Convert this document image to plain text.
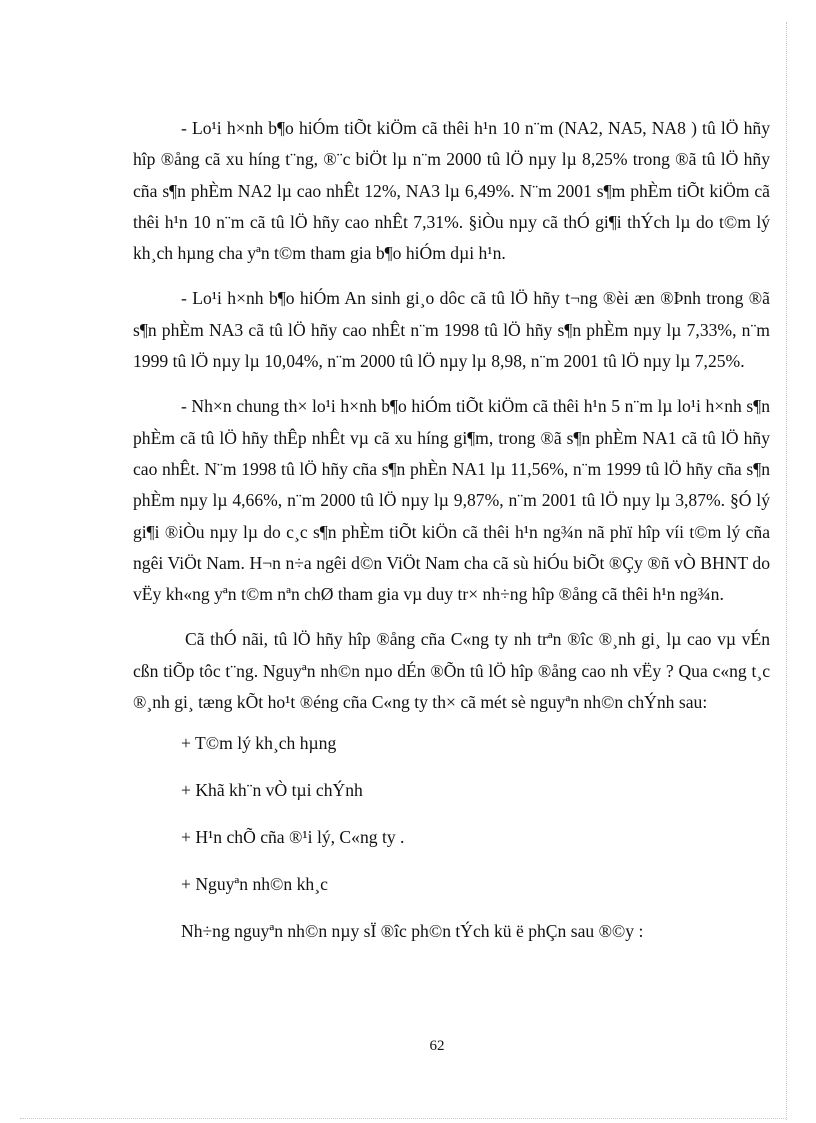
- Lo¹i h×nh b¶o hiÓm tiÕt kiÖm cã thêi h¹n 10 n¨m (NA2, NA5, NA8 ) tû lÖ hñy hîp ®ång cã xu híng t¨ng, ®¨c biÖt lµ n¨m 2000 tû lÖ nµy lµ 8,25% trong ®ã tû lÖ hñy cña s¶n phÈm NA2 lµ cao nhÊt 12%, NA3 lµ 6,49%. N¨m 2001 s¶m phÈm tiÕt kiÖm cã thêi h¹n 10 n¨m cã tû lÖ hñy cao nhÊt 7,31%. §iÒu nµy cã thÓ gi¶i thÝch lµ do t©m lý kh¸ch hµng cha yªn t©m tham gia b¶o hiÓm dµi h¹n.

- Lo¹i h×nh b¶o hiÓm An sinh gi¸o dôc cã tû lÖ hñy t¬ng ®èi æn ®Þnh trong ®ã s¶n phÈm NA3 cã tû lÖ hñy cao nhÊt n¨m 1998 tû lÖ hñy s¶n phÈm nµy lµ 7,33%, n¨m 1999 tû lÖ nµy lµ 10,04%, n¨m 2000 tû lÖ nµy lµ 8,98, n¨m 2001 tû lÖ nµy lµ 7,25%.

- Nh×n chung th× lo¹i h×nh b¶o hiÓm tiÕt kiÖm cã thêi h¹n 5 n¨m lµ lo¹i h×nh s¶n phÈm cã tû lÖ hñy thÊp nhÊt vµ cã xu híng gi¶m, trong ®ã s¶n phÈm NA1 cã tû lÖ hñy cao nhÊt. N¨m 1998 tû lÖ hñy cña s¶n phÈn NA1 lµ 11,56%, n¨m 1999 tû lÖ hñy cña s¶n phÈm nµy lµ 4,66%, n¨m 2000 tû lÖ nµy lµ 9,87%, n¨m 2001 tû lÖ nµy lµ 3,87%. §Ó lý gi¶i ®iÒu nµy lµ do c¸c s¶n phÈm tiÕt kiÖn cã thêi h¹n ng¾n nã phï hîp víi t©m lý cña ngêi ViÖt Nam. H¬n n÷a ngêi d©n ViÖt Nam cha cã sù hiÓu biÕt ®Çy ®ñ vÒ BHNT do vËy kh«ng yªn t©m nªn chØ tham gia vµ duy tr× nh÷ng hîp ®ång cã thêi h¹n ng¾n.

Cã thÓ nãi, tû lÖ hñy hîp ®ång cña C«ng ty nh trªn ®îc ®¸nh gi¸ lµ cao vµ vÉn cßn tiÕp tôc t¨ng. Nguyªn nh©n nµo dÉn ®Õn tû lÖ hîp ®ång cao nh vËy ? Qua c«ng t¸c ®¸nh gi¸ tæng kÕt ho¹t ®éng cña C«ng ty th× cã mét sè nguyªn nh©n chÝnh sau:

+ T©m lý kh¸ch hµng
+ Khã kh¨n vÒ tµi chÝnh
+ H¹n chÕ cña ®¹i lý, C«ng ty .
+ Nguyªn nh©n kh¸c

Nh÷ng nguyªn nh©n nµy sÏ ®îc ph©n tÝch kü ë phÇn sau ®©y :

62
